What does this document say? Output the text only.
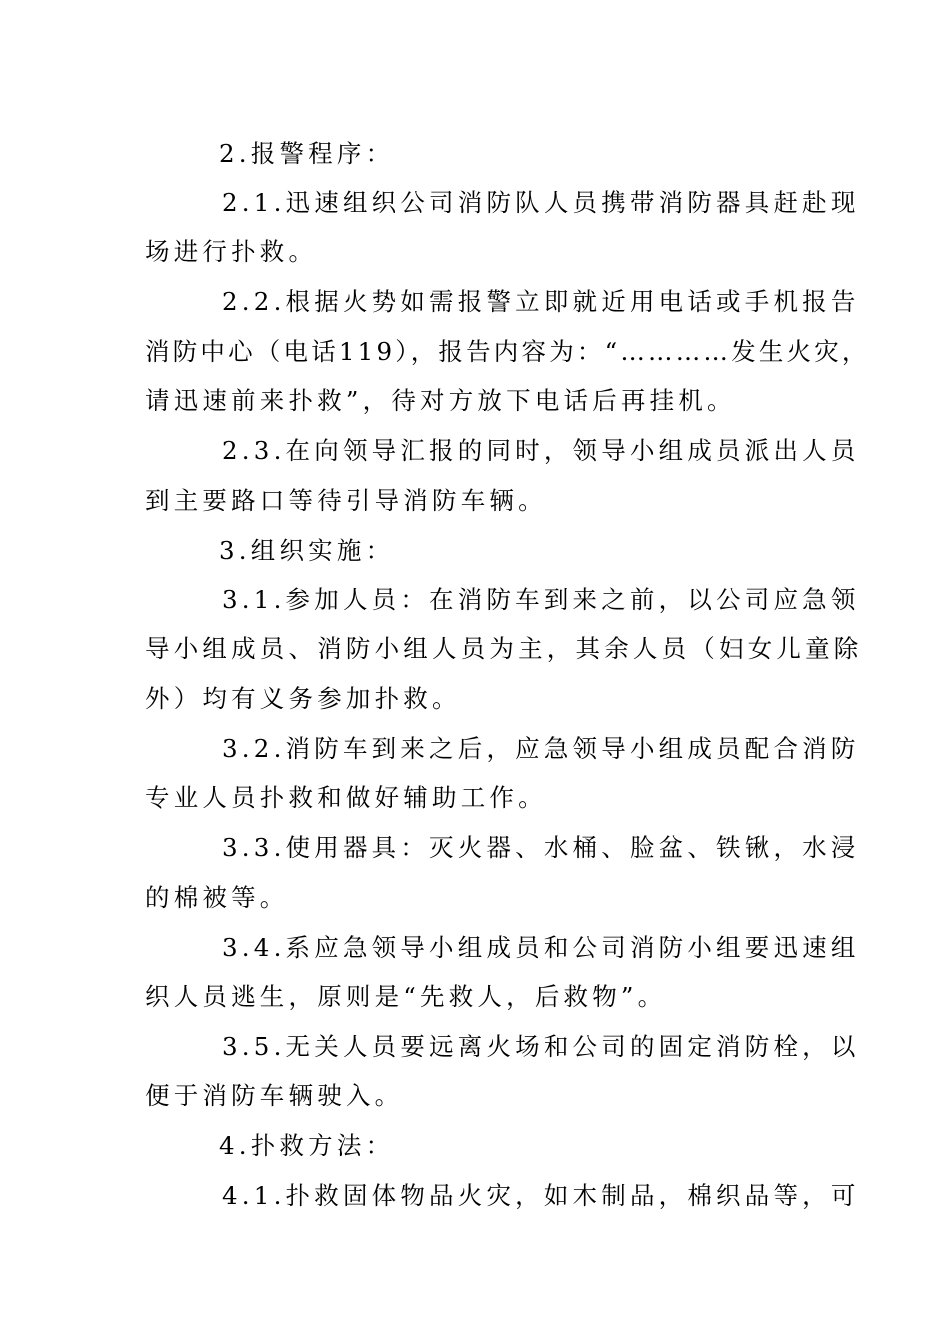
2.报警程序：
2.1.迅速组织公司消防队人员携带消防器具赶赴现
场进行扑救。
2.2.根据火势如需报警立即就近用电话或手机报告
消防中心（电话119），报告内容为：“…………发生火灾，
请迅速前来扑救”，待对方放下电话后再挂机。
2.3.在向领导汇报的同时，领导小组成员派出人员
到主要路口等待引导消防车辆。
3.组织实施：
3.1.参加人员：在消防车到来之前，以公司应急领
导小组成员、消防小组人员为主，其余人员（妇女儿童除
外）均有义务参加扑救。
3.2.消防车到来之后，应急领导小组成员配合消防
专业人员扑救和做好辅助工作。
3.3.使用器具：灭火器、水桶、脸盆、铁锹，水浸
的棉被等。
3.4.系应急领导小组成员和公司消防小组要迅速组
织人员逃生，原则是“先救人，后救物”。
3.5.无关人员要远离火场和公司的固定消防栓，以
便于消防车辆驶入。
4.扑救方法：
4.1.扑救固体物品火灾，如木制品，棉织品等，可
